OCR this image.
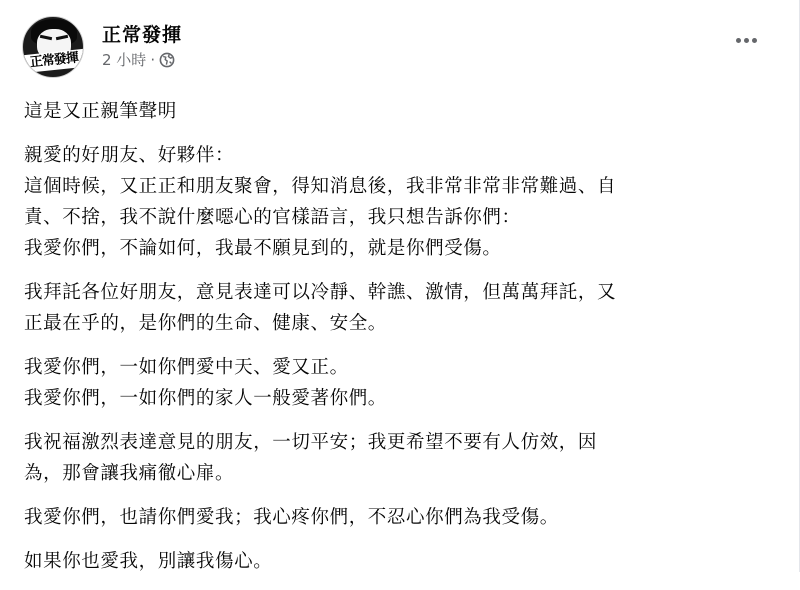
正常發揮
正常發揮
2 小時 ·
這是又正親筆聲明
親愛的好朋友、好夥伴：
這個時候，又正正和朋友聚會，得知消息後，我非常非常非常難過、自
責、不捨，我不說什麼噁心的官樣語言，我只想告訴你們：
我愛你們，不論如何，我最不願見到的，就是你們受傷。
我拜託各位好朋友，意見表達可以冷靜、幹譙、激情，但萬萬拜託，又
正最在乎的，是你們的生命、健康、安全。
我愛你們，一如你們愛中天、愛又正。
我愛你們，一如你們的家人一般愛著你們。
我祝福激烈表達意見的朋友，一切平安；我更希望不要有人仿效，因
為，那會讓我痛徹心扉。
我愛你們，也請你們愛我；我心疼你們，不忍心你們為我受傷。
如果你也愛我，別讓我傷心。
